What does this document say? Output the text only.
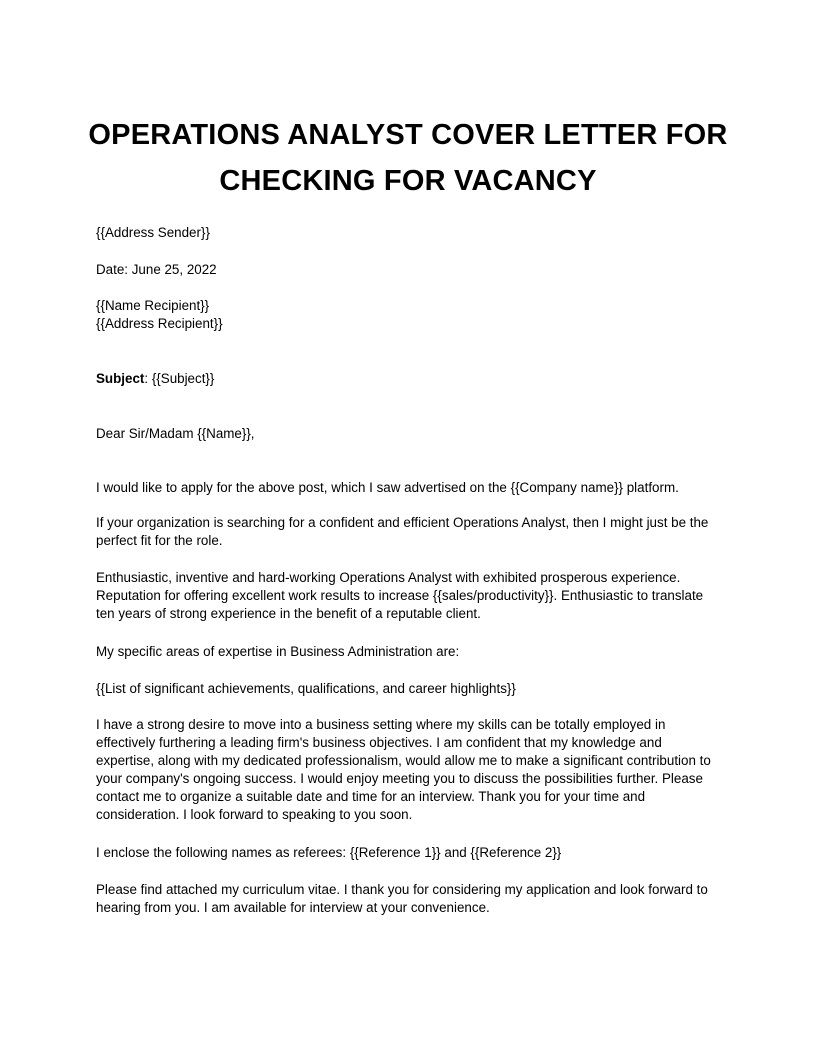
OPERATIONS ANALYST COVER LETTER FOR
CHECKING FOR VACANCY
{{Address Sender}}
Date: June 25, 2022
{{Name Recipient}}
{{Address Recipient}}
Subject: {{Subject}}
Dear Sir/Madam {{Name}},
I would like to apply for the above post, which I saw advertised on the {{Company name}} platform.
If your organization is searching for a confident and efficient Operations Analyst, then I might just be the perfect fit for the role.
Enthusiastic, inventive and hard-working Operations Analyst with exhibited prosperous experience. Reputation for offering excellent work results to increase {{sales/productivity}}. Enthusiastic to translate ten years of strong experience in the benefit of a reputable client.
My specific areas of expertise in Business Administration are:
{{List of significant achievements, qualifications, and career highlights}}
I have a strong desire to move into a business setting where my skills can be totally employed in effectively furthering a leading firm's business objectives. I am confident that my knowledge and expertise, along with my dedicated professionalism, would allow me to make a significant contribution to your company's ongoing success. I would enjoy meeting you to discuss the possibilities further. Please contact me to organize a suitable date and time for an interview. Thank you for your time and consideration. I look forward to speaking to you soon.
I enclose the following names as referees: {{Reference 1}} and {{Reference 2}}
Please find attached my curriculum vitae. I thank you for considering my application and look forward to hearing from you. I am available for interview at your convenience.
